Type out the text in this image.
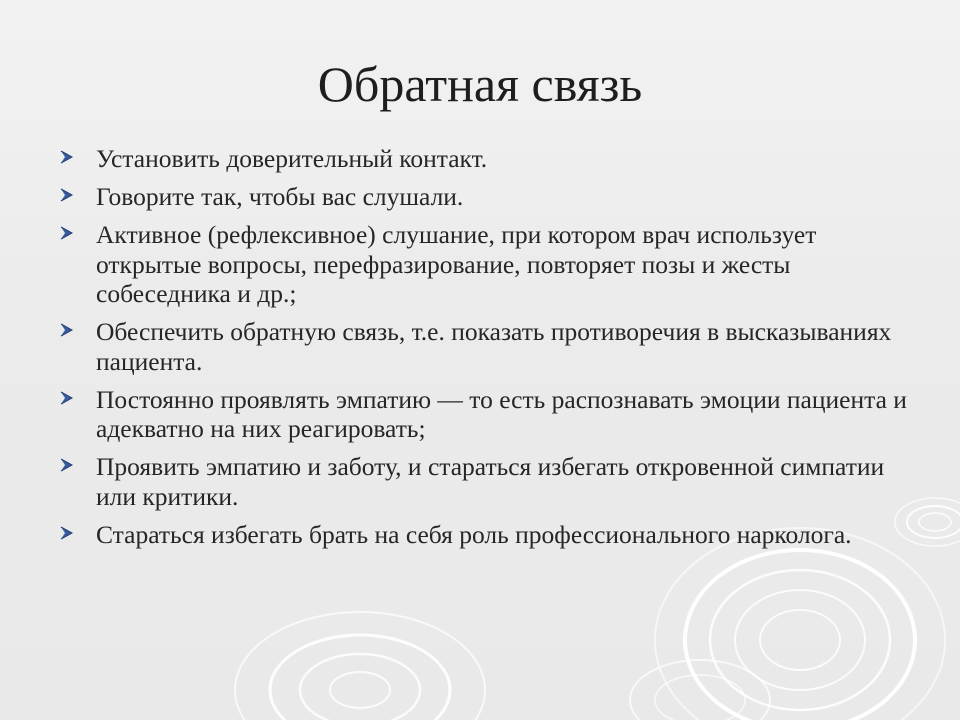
Обратная связь
Установить доверительный контакт.
Говорите так, чтобы вас слушали.
Активное (рефлексивное) слушание, при котором врач использует открытые вопросы, перефразирование, повторяет позы и жесты собеседника и др.;
Обеспечить обратную связь, т.е. показать противоречия в высказываниях пациента.
Постоянно проявлять эмпатию — то есть распознавать эмоции пациента и адекватно на них реагировать;
Проявить эмпатию и заботу, и стараться избегать откровенной симпатии или критики.
Стараться избегать брать на себя роль профессионального нарколога.
